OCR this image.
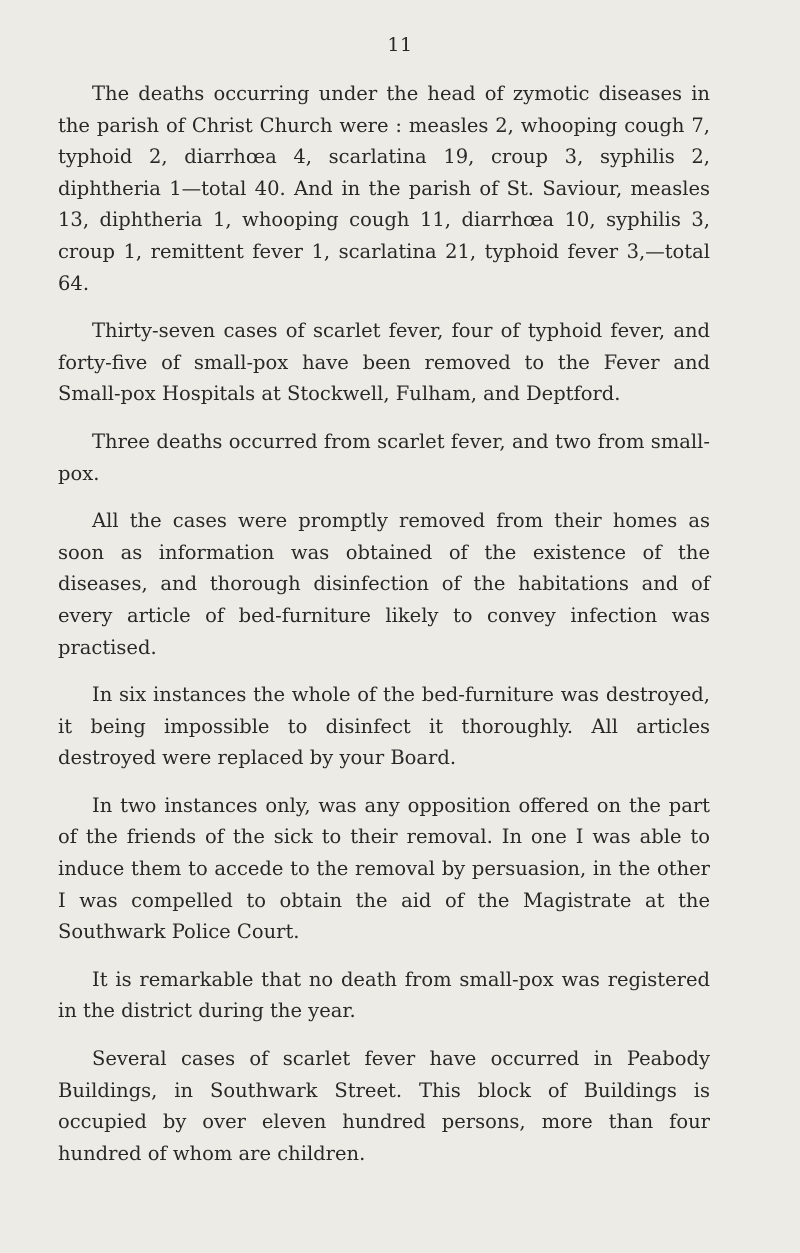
11

The deaths occurring under the head of zymotic diseases in the parish of Christ Church were : measles 2, whooping cough 7, typhoid 2, diarrhœa 4, scarlatina 19, croup 3, syphilis 2, diphtheria 1—total 40. And in the parish of St. Saviour, measles 13, diphtheria 1, whooping cough 11, diarrhœa 10, syphilis 3, croup 1, remittent fever 1, scarlatina 21, typhoid fever 3,—total 64.

Thirty-seven cases of scarlet fever, four of typhoid fever, and forty-five of small-pox have been removed to the Fever and Small-pox Hospitals at Stockwell, Fulham, and Deptford.

Three deaths occurred from scarlet fever, and two from small-pox.

All the cases were promptly removed from their homes as soon as information was obtained of the existence of the diseases, and thorough disinfection of the habitations and of every article of bed-furniture likely to convey infection was practised.

In six instances the whole of the bed-furniture was destroyed, it being impossible to disinfect it thoroughly. All articles destroyed were replaced by your Board.

In two instances only, was any opposition offered on the part of the friends of the sick to their removal. In one I was able to induce them to accede to the removal by persuasion, in the other I was compelled to obtain the aid of the Magistrate at the Southwark Police Court.

It is remarkable that no death from small-pox was registered in the district during the year.

Several cases of scarlet fever have occurred in Peabody Buildings, in Southwark Street. This block of Buildings is occupied by over eleven hundred persons, more than four hundred of whom are children.
